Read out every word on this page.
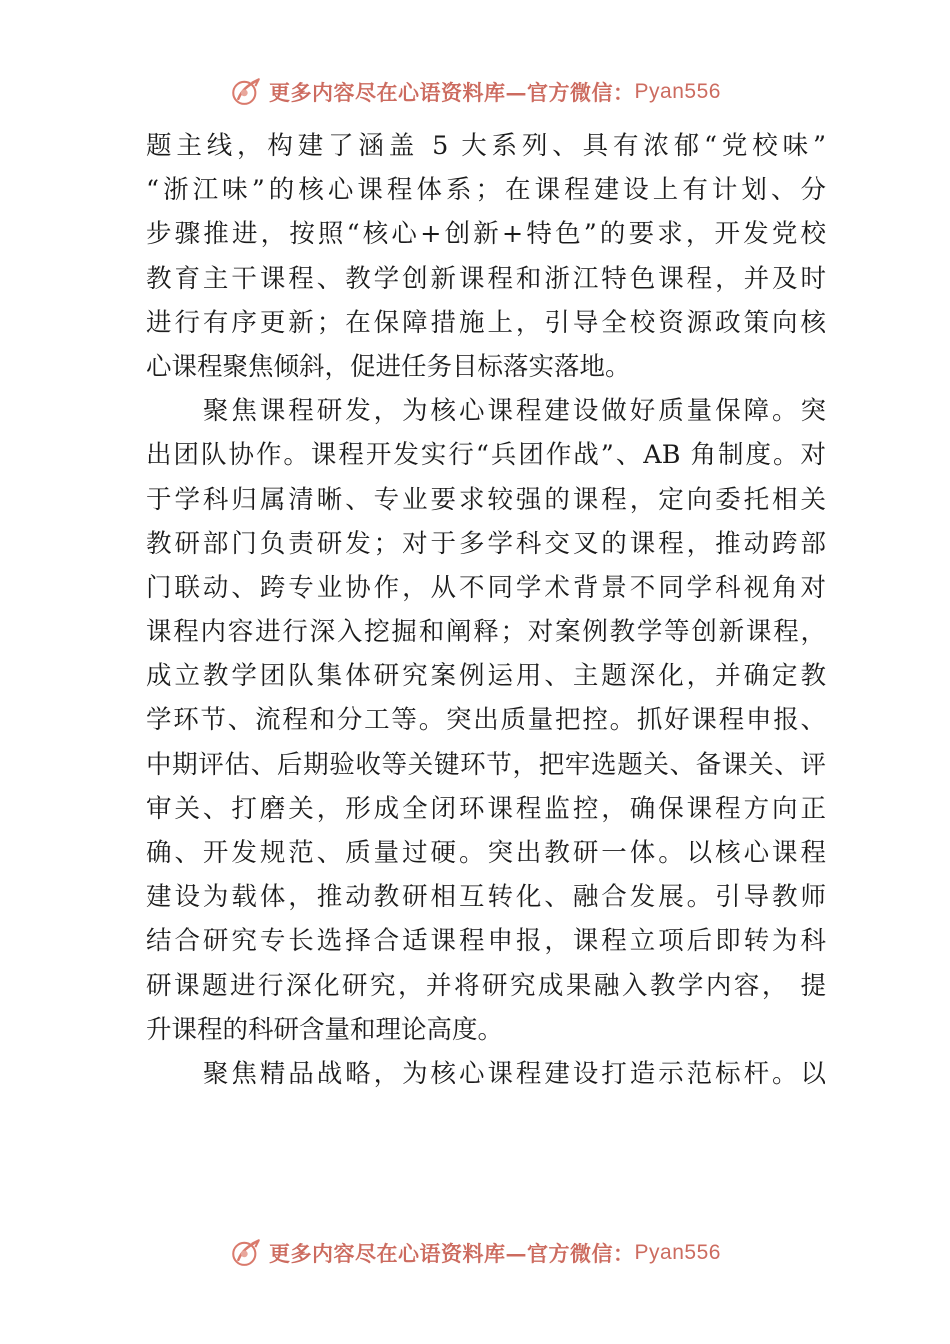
更多内容尽在心语资料库—官方微信： Pyan556
题主线，构建了涵盖 5 大系列、具有浓郁“党校味”
“浙江味”的核心课程体系；在课程建设上有计划、分
步骤推进，按照“核心+创新+特色”的要求，开发党校
教育主干课程、教学创新课程和浙江特色课程，并及时
进行有序更新；在保障措施上，引导全校资源政策向核
心课程聚焦倾斜，促进任务目标落实落地。
　　聚焦课程研发，为核心课程建设做好质量保障。突
出团队协作。课程开发实行“兵团作战”、AB 角制度。对
于学科归属清晰、专业要求较强的课程，定向委托相关
教研部门负责研发；对于多学科交叉的课程，推动跨部
门联动、跨专业协作，从不同学术背景不同学科视角对
课程内容进行深入挖掘和阐释；对案例教学等创新课程，
成立教学团队集体研究案例运用、主题深化，并确定教
学环节、流程和分工等。突出质量把控。抓好课程申报、
中期评估、后期验收等关键环节，把牢选题关、备课关、评
审关、打磨关，形成全闭环课程监控，确保课程方向正
确、开发规范、质量过硬。突出教研一体。以核心课程
建设为载体，推动教研相互转化、融合发展。引导教师
结合研究专长选择合适课程申报，课程立项后即转为科
研课题进行深化研究，并将研究成果融入教学内容， 提
升课程的科研含量和理论高度。
　　聚焦精品战略，为核心课程建设打造示范标杆。以
更多内容尽在心语资料库—官方微信： Pyan556
